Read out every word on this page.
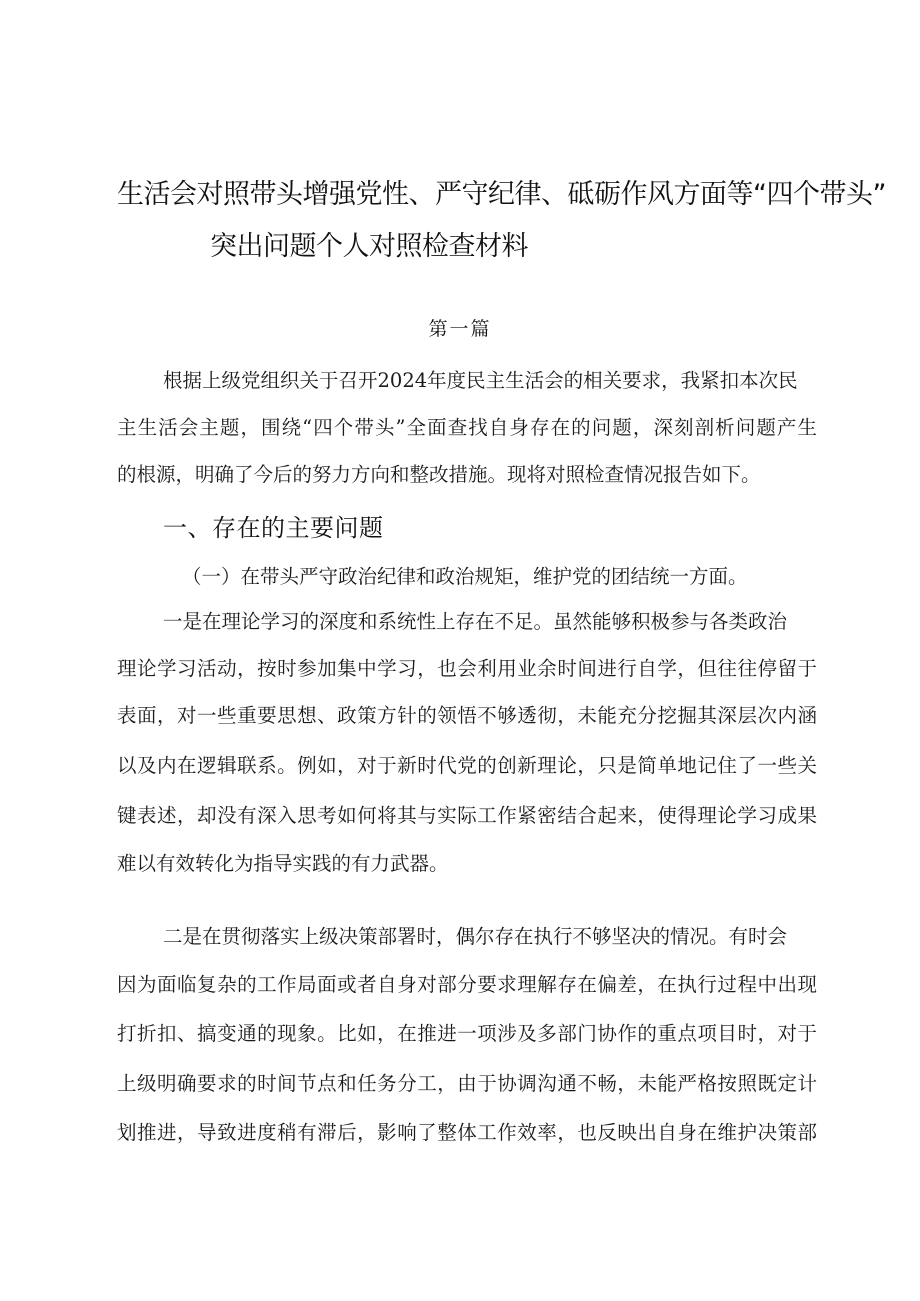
生活会对照带头增强党性、严守纪律、砥砺作风方面等“四个带头”
突出问题个人对照检查材料
第一篇
根据上级党组织关于召开2024年度民主生活会的相关要求，我紧扣本次民
主生活会主题，围绕“四个带头”全面查找自身存在的问题，深刻剖析问题产生
的根源，明确了今后的努力方向和整改措施。现将对照检查情况报告如下。
一、存在的主要问题
（一）在带头严守政治纪律和政治规矩，维护党的团结统一方面。
一是在理论学习的深度和系统性上存在不足。虽然能够积极参与各类政治
理论学习活动，按时参加集中学习，也会利用业余时间进行自学，但往往停留于
表面，对一些重要思想、政策方针的领悟不够透彻，未能充分挖掘其深层次内涵
以及内在逻辑联系。例如，对于新时代党的创新理论，只是简单地记住了一些关
键表述，却没有深入思考如何将其与实际工作紧密结合起来，使得理论学习成果
难以有效转化为指导实践的有力武器。
二是在贯彻落实上级决策部署时，偶尔存在执行不够坚决的情况。有时会
因为面临复杂的工作局面或者自身对部分要求理解存在偏差，在执行过程中出现
打折扣、搞变通的现象。比如，在推进一项涉及多部门协作的重点项目时，对于
上级明确要求的时间节点和任务分工，由于协调沟通不畅，未能严格按照既定计
划推进，导致进度稍有滞后，影响了整体工作效率，也反映出自身在维护决策部
